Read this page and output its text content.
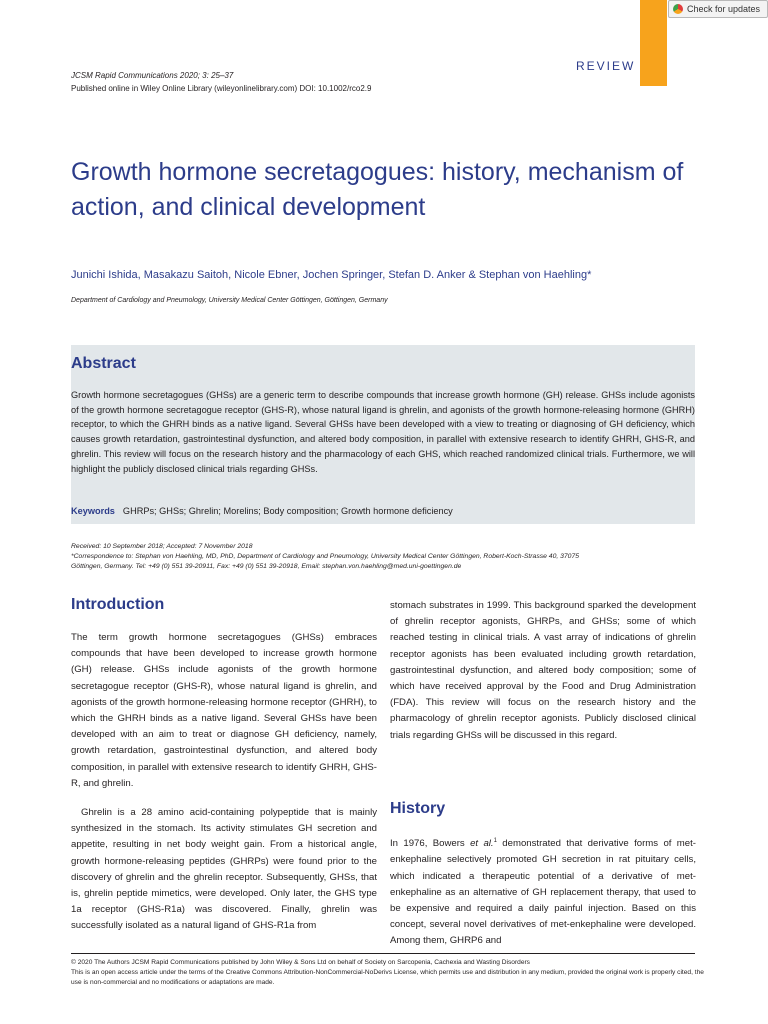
Check for updates
REVIEW
JCSM Rapid Communications 2020; 3: 25–37
Published online in Wiley Online Library (wileyonlinelibrary.com) DOI: 10.1002/rco2.9
Growth hormone secretagogues: history, mechanism of action, and clinical development
Junichi Ishida, Masakazu Saitoh, Nicole Ebner, Jochen Springer, Stefan D. Anker & Stephan von Haehling*
Department of Cardiology and Pneumology, University Medical Center Göttingen, Göttingen, Germany
Abstract

Growth hormone secretagogues (GHSs) are a generic term to describe compounds that increase growth hormone (GH) release. GHSs include agonists of the growth hormone secretagogue receptor (GHS-R), whose natural ligand is ghrelin, and agonists of the growth hormone-releasing hormone (GHRH) receptor, to which the GHRH binds as a native ligand. Several GHSs have been developed with a view to treating or diagnosing of GH deficiency, which causes growth retardation, gastrointestinal dysfunction, and altered body composition, in parallel with extensive research to identify GHRH, GHS-R, and ghrelin. This review will focus on the research history and the pharmacology of each GHS, which reached randomized clinical trials. Furthermore, we will highlight the publicly disclosed clinical trials regarding GHSs.

Keywords GHRPs; GHSs; Ghrelin; Morelins; Body composition; Growth hormone deficiency
Received: 10 September 2018; Accepted: 7 November 2018
*Correspondence to: Stephan von Haehling, MD, PhD, Department of Cardiology and Pneumology, University Medical Center Göttingen, Robert-Koch-Strasse 40, 37075
Göttingen, Germany. Tel: +49 (0) 551 39-20911, Fax: +49 (0) 551 39-20918, Email: stephan.von.haehling@med.uni-goettingen.de
Introduction

The term growth hormone secretagogues (GHSs) embraces compounds that have been developed to increase growth hormone (GH) release. GHSs include agonists of the growth hormone secretagogue receptor (GHS-R), whose natural ligand is ghrelin, and agonists of the growth hormone-releasing hormone receptor (GHRH), to which the GHRH binds as a native ligand. Several GHSs have been developed with an aim to treat or diagnose GH deficiency, namely, growth retardation, gastrointestinal dysfunction, and altered body composition, in parallel with extensive research to identify GHRH, GHS-R, and ghrelin.

Ghrelin is a 28 amino acid-containing polypeptide that is mainly synthesized in the stomach. Its activity stimulates GH secretion and appetite, resulting in net body weight gain. From a historical angle, growth hormone-releasing peptides (GHRPs) were found prior to the discovery of ghrelin and the ghrelin receptor. Subsequently, GHSs, that is, ghrelin peptide mimetics, were developed. Only later, the GHS type 1a receptor (GHS-R1a) was discovered. Finally, ghrelin was successfully isolated as a natural ligand of GHS-R1a from

stomach substrates in 1999. This background sparked the development of ghrelin receptor agonists, GHRPs, and GHSs; some of which reached testing in clinical trials. A vast array of indications of ghrelin receptor agonists has been evaluated including growth retardation, gastrointestinal dysfunction, and altered body composition; some of which have received approval by the Food and Drug Administration (FDA). This review will focus on the research history and the pharmacology of ghrelin receptor agonists. Publicly disclosed clinical trials regarding GHSs will be discussed in this regard.

History

In 1976, Bowers et al.$^1$ demonstrated that derivative forms of met-enkephaline selectively promoted GH secretion in rat pituitary cells, which indicated a therapeutic potential of a derivative of met-enkephaline as an alternative of GH replacement therapy, that used to be expensive and required a daily painful injection. Based on this concept, several novel derivatives of met-enkephaline were developed. Among them, GHRP6 and

© 2020 The Authors JCSM Rapid Communications published by John Wiley & Sons Ltd on behalf of Society on Sarcopenia, Cachexia and Wasting Disorders

This is an open access article under the terms of the Creative Commons Attribution-NonCommercial-NoDerivs License, which permits use and distribution in any medium, provided the original work is properly cited, the use is non-commercial and no modifications or adaptations are made.
